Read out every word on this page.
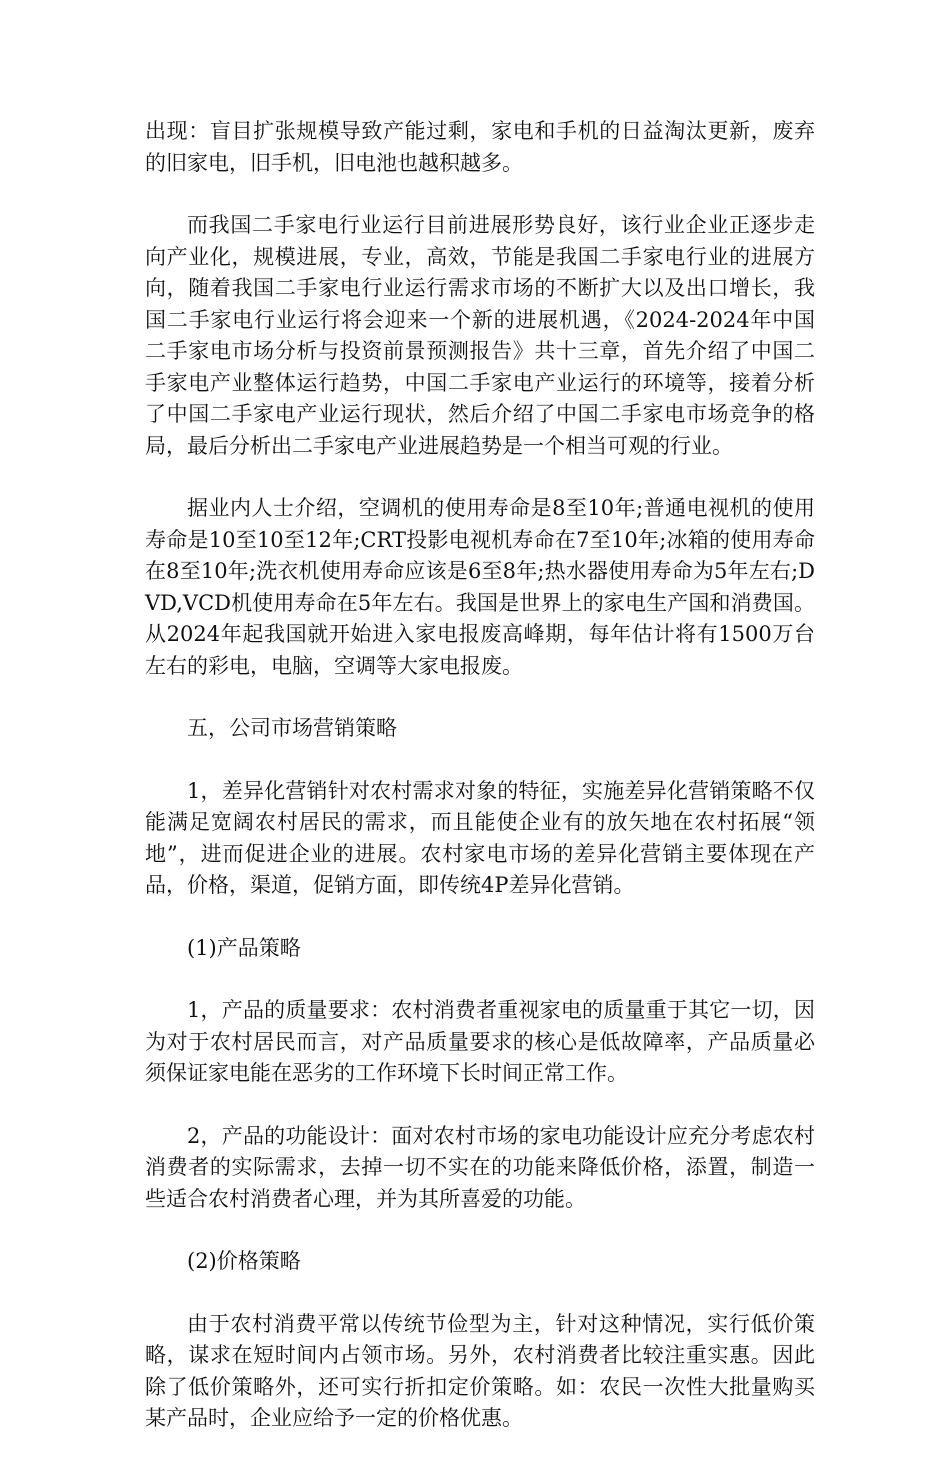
出现：盲目扩张规模导致产能过剩，家电和手机的日益淘汰更新，废弃的旧家电，旧手机，旧电池也越积越多。

而我国二手家电行业运行目前进展形势良好，该行业企业正逐步走向产业化，规模进展，专业，高效，节能是我国二手家电行业的进展方向，随着我国二手家电行业运行需求市场的不断扩大以及出口增长，我国二手家电行业运行将会迎来一个新的进展机遇，《2024-2024年中国二手家电市场分析与投资前景预测报告》共十三章，首先介绍了中国二手家电产业整体运行趋势，中国二手家电产业运行的环境等，接着分析了中国二手家电产业运行现状，然后介绍了中国二手家电市场竞争的格局，最后分析出二手家电产业进展趋势是一个相当可观的行业。

据业内人士介绍，空调机的使用寿命是8至10年;普通电视机的使用寿命是10至10至12年;CRT投影电视机寿命在7至10年;冰箱的使用寿命在8至10年;洗衣机使用寿命应该是6至8年;热水器使用寿命为5年左右;DVD,VCD机使用寿命在5年左右。我国是世界上的家电生产国和消费国。从2024年起我国就开始进入家电报废高峰期，每年估计将有1500万台左右的彩电，电脑，空调等大家电报废。

五，公司市场营销策略

1，差异化营销针对农村需求对象的特征，实施差异化营销策略不仅能满足宽阔农村居民的需求，而且能使企业有的放矢地在农村拓展“领地”，进而促进企业的进展。农村家电市场的差异化营销主要体现在产品，价格，渠道，促销方面，即传统4P差异化营销。

(1)产品策略

1，产品的质量要求：农村消费者重视家电的质量重于其它一切，因为对于农村居民而言，对产品质量要求的核心是低故障率，产品质量必须保证家电能在恶劣的工作环境下长时间正常工作。

2，产品的功能设计：面对农村市场的家电功能设计应充分考虑农村消费者的实际需求，去掉一切不实在的功能来降低价格，添置，制造一些适合农村消费者心理，并为其所喜爱的功能。

(2)价格策略

由于农村消费平常以传统节俭型为主，针对这种情况，实行低价策略，谋求在短时间内占领市场。另外，农村消费者比较注重实惠。因此除了低价策略外，还可实行折扣定价策略。如：农民一次性大批量购买某产品时，企业应给予一定的价格优惠。
